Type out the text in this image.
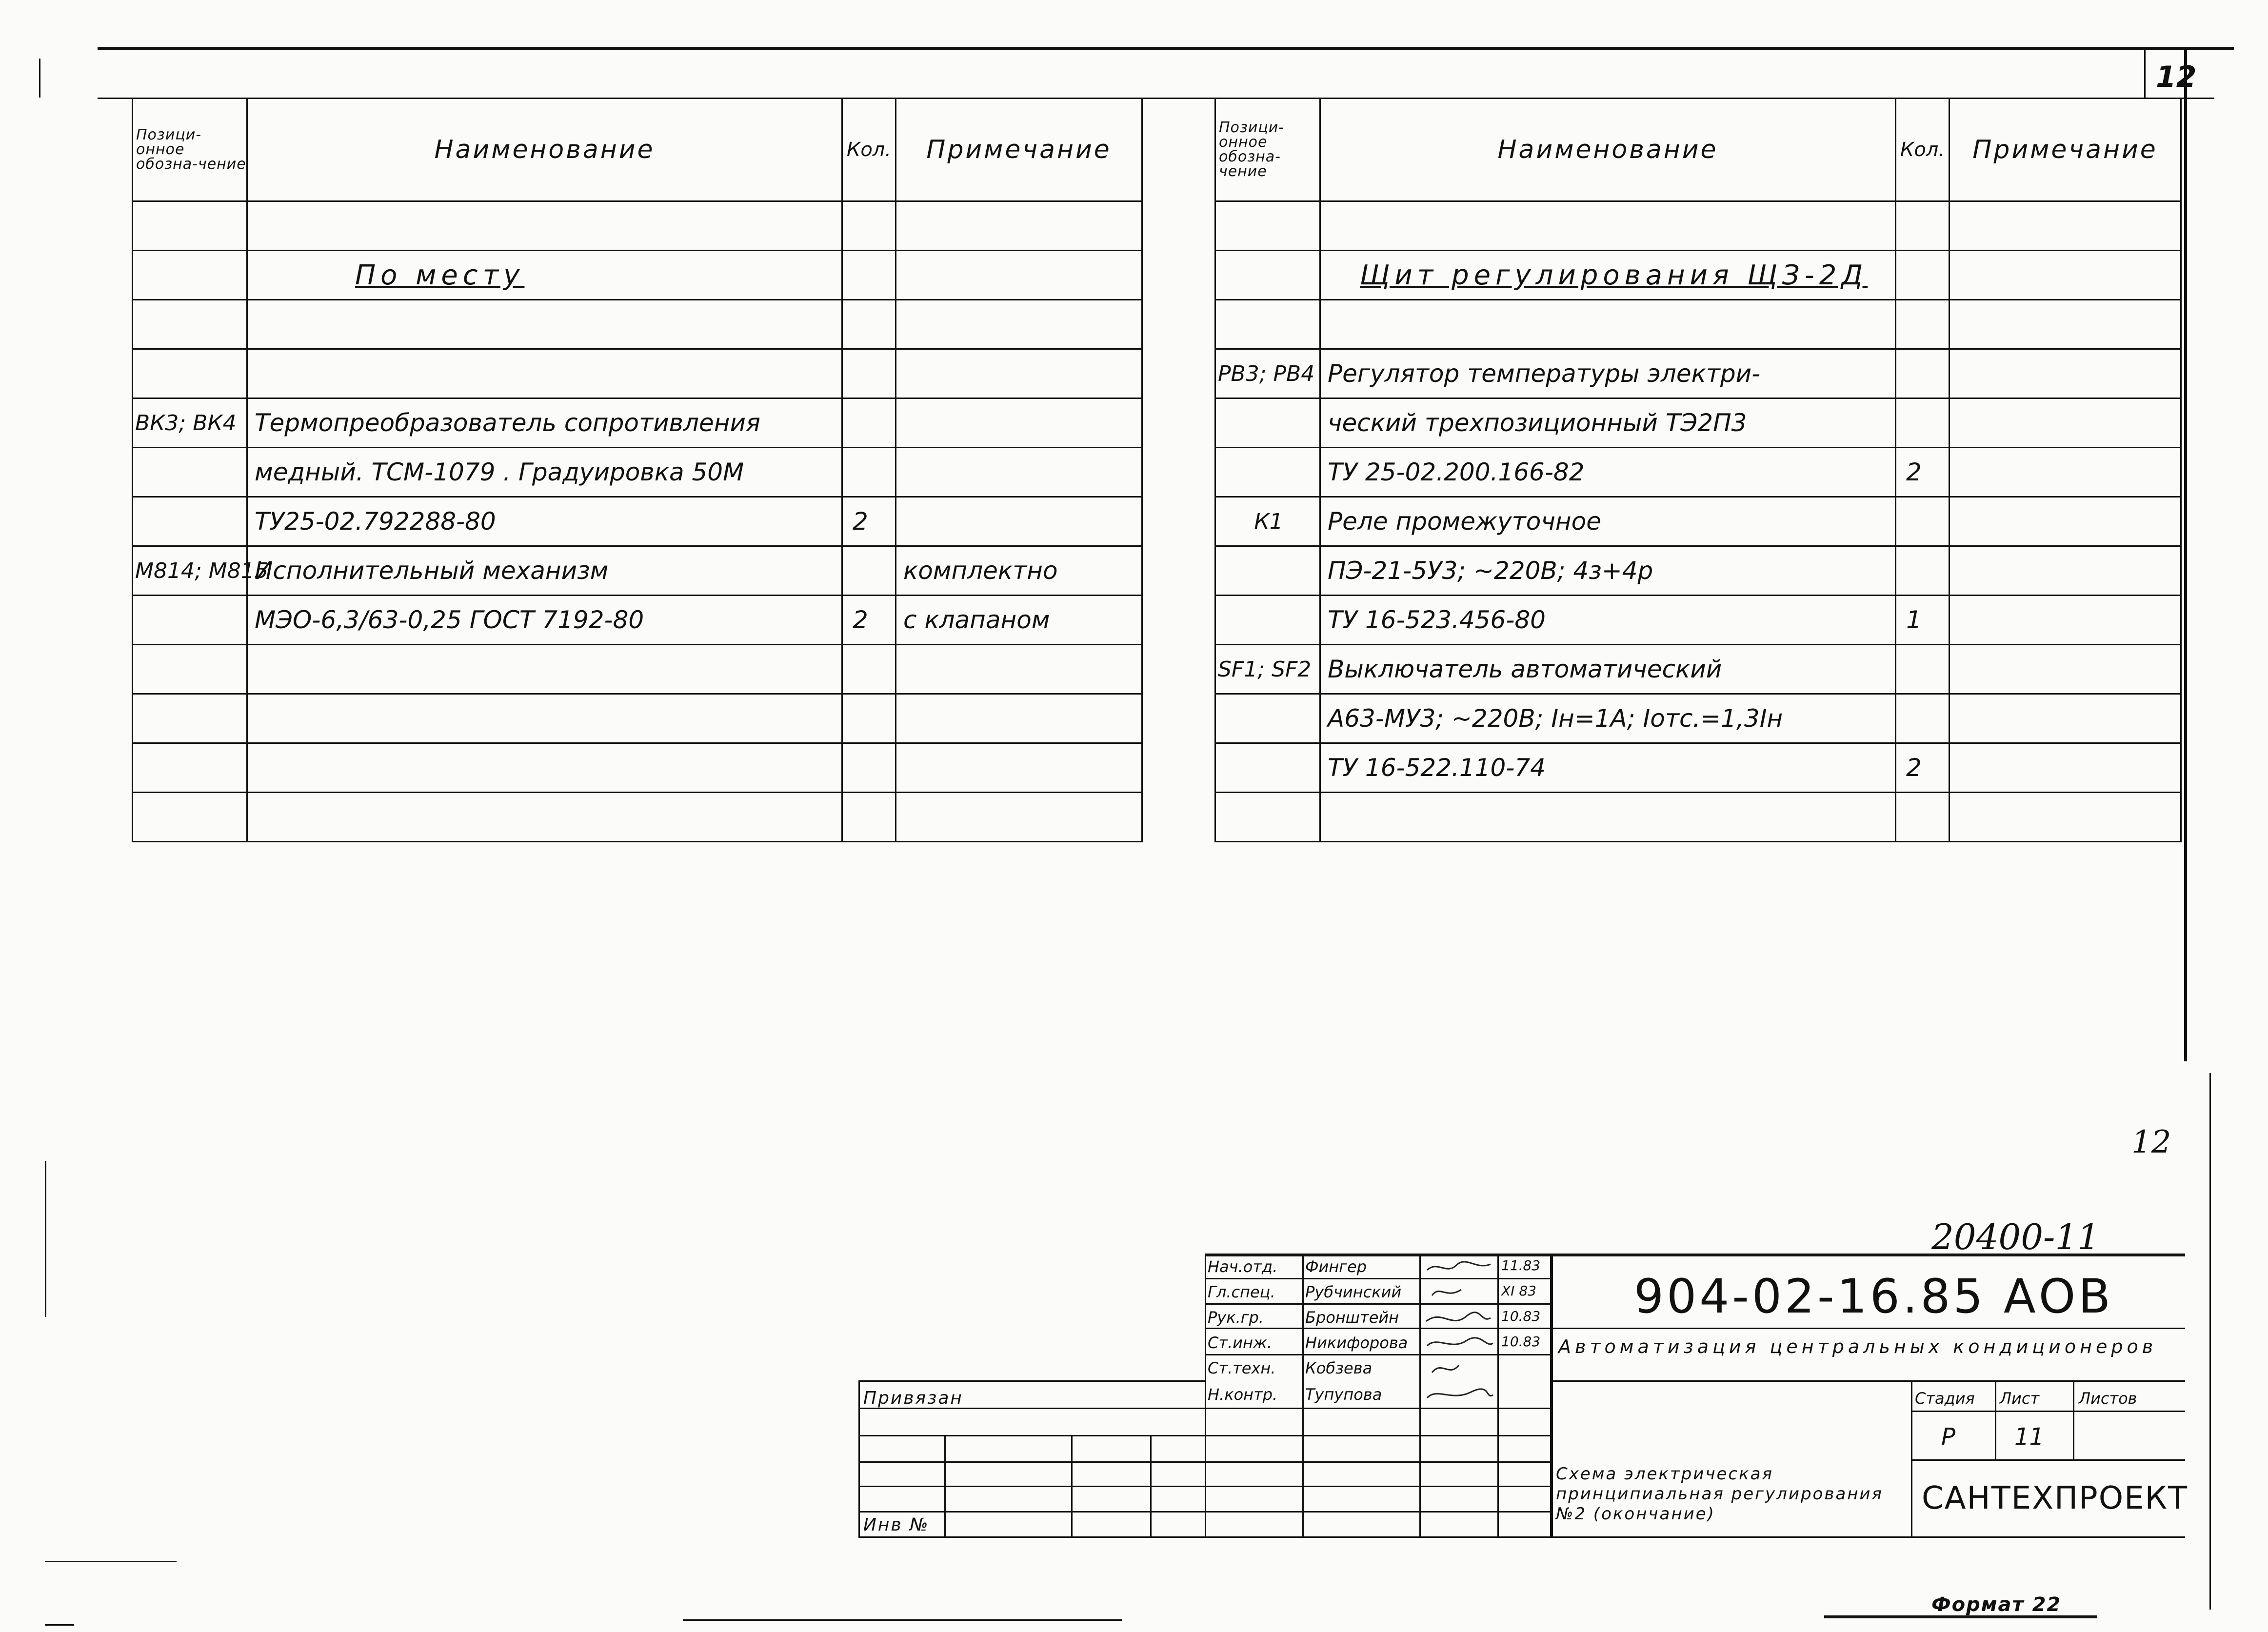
12
Позици-онное обозна-чение	Наименование	Кол.	Примечание

	По месту		

ВК3; ВК4	Термопреобразователь сопротивления		
	медный. ТСМ-1079 . Градуировка 50М		
	ТУ25-02.792288-80	2	
М814; М815	Исполнительный механизм		комплектно
	МЭО-6,3/63-0,25 ГОСТ 7192-80	2	с клапаном

Позици-онное обозна-чение	Наименование	Кол.	Примечание

	Щит регулирования ЩЗ-2Д		

РВ3; РВ4	Регулятор температуры электри-		
	ческий трехпозиционный ТЭ2П3		
	ТУ 25-02.200.166-82	2	
К1	Реле промежуточное		
	ПЭ-21-5У3; ~220В; 4з+4р		
	ТУ 16-523.456-80	1	
SF1; SF2	Выключатель автоматический		
	А63-МУ3; ~220В; Iн=1А; Iотс.=1,3Iн		
	ТУ 16-522.110-74	2	

12
20400-11
Нач.отд. Фингер	11.83
Гл.спец. Рубчинский	XI 83
Рук.гр.	Бронштейн	10.83
Ст.инж. Никифорова	10.83
Ст.техн. Кобзева
Н.контр. Тупупова
904-02-16.85 АОВ
Автоматизация центральных кондиционеров
Схема электрическая принципиальная регулирования №2 (окончание)
Стадия Лист	Листов
Р	11
САНТЕХПРОЕКТ
Привязан
Инв №
Формат 22
